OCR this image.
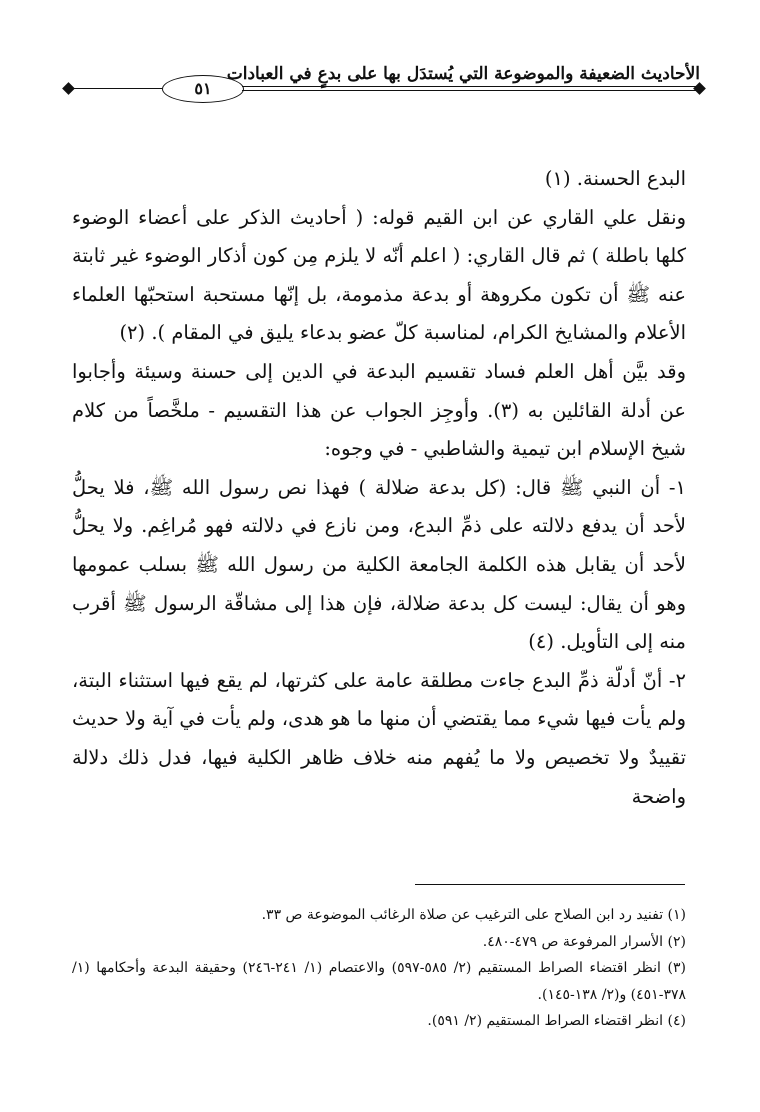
الأحاديث الضعيفة والموضوعة التي يُستدَل بها على بدعٍ في العبادات
٥١

البدع الحسنة. (١)

ونقل علي القاري عن ابن القيم قوله: ( أحاديث الذكر على أعضاء الوضوء كلها باطلة ) ثم قال القاري: ( اعلم أنّه لا يلزم مِن كون أذكار الوضوء غير ثابتة عنه ﷺ أن تكون مكروهة أو بدعة مذمومة، بل إنّها مستحبة استحبّها العلماء الأعلام والمشايخ الكرام، لمناسبة كلّ عضو بدعاء يليق في المقام ). (٢)

وقد بيَّن أهل العلم فساد تقسيم البدعة في الدين إلى حسنة وسيئة وأجابوا عن أدلة القائلين به (٣). وأوجِز الجواب عن هذا التقسيم - ملخَّصاً من كلام شيخ الإسلام ابن تيمية والشاطبي - في وجوه:

١- أن النبي ﷺ قال: (كل بدعة ضلالة ) فهذا نص رسول الله ﷺ، فلا يحلُّ لأحد أن يدفع دلالته على ذمِّ البدع، ومن نازع في دلالته فهو مُراغِم. ولا يحلُّ لأحد أن يقابل هذه الكلمة الجامعة الكلية من رسول الله ﷺ بسلب عمومها وهو أن يقال: ليست كل بدعة ضلالة، فإن هذا إلى مشاقّة الرسول ﷺ أقرب منه إلى التأويل. (٤)

٢- أنّ أدلّة ذمِّ البدع جاءت مطلقة عامة على كثرتها، لم يقع فيها استثناء البتة، ولم يأت فيها شيء مما يقتضي أن منها ما هو هدى، ولم يأت في آية ولا حديث تقييدٌ ولا تخصيص ولا ما يُفهم منه خلاف ظاهر الكلية فيها، فدل ذلك دلالة واضحة

(١) تفنيد رد ابن الصلاح على الترغيب عن صلاة الرغائب الموضوعة ص ٣٣.

(٢) الأسرار المرفوعة ص ٤٧٩-٤٨٠.

(٣) انظر اقتضاء الصراط المستقيم (٢/ ٥٨٥-٥٩٧) والاعتصام (١/ ٢٤١-٢٤٦) وحقيقة البدعة وأحكامها (١/ ٣٧٨-٤٥١) و(٢/ ١٣٨-١٤٥).

(٤) انظر اقتضاء الصراط المستقيم (٢/ ٥٩١).
